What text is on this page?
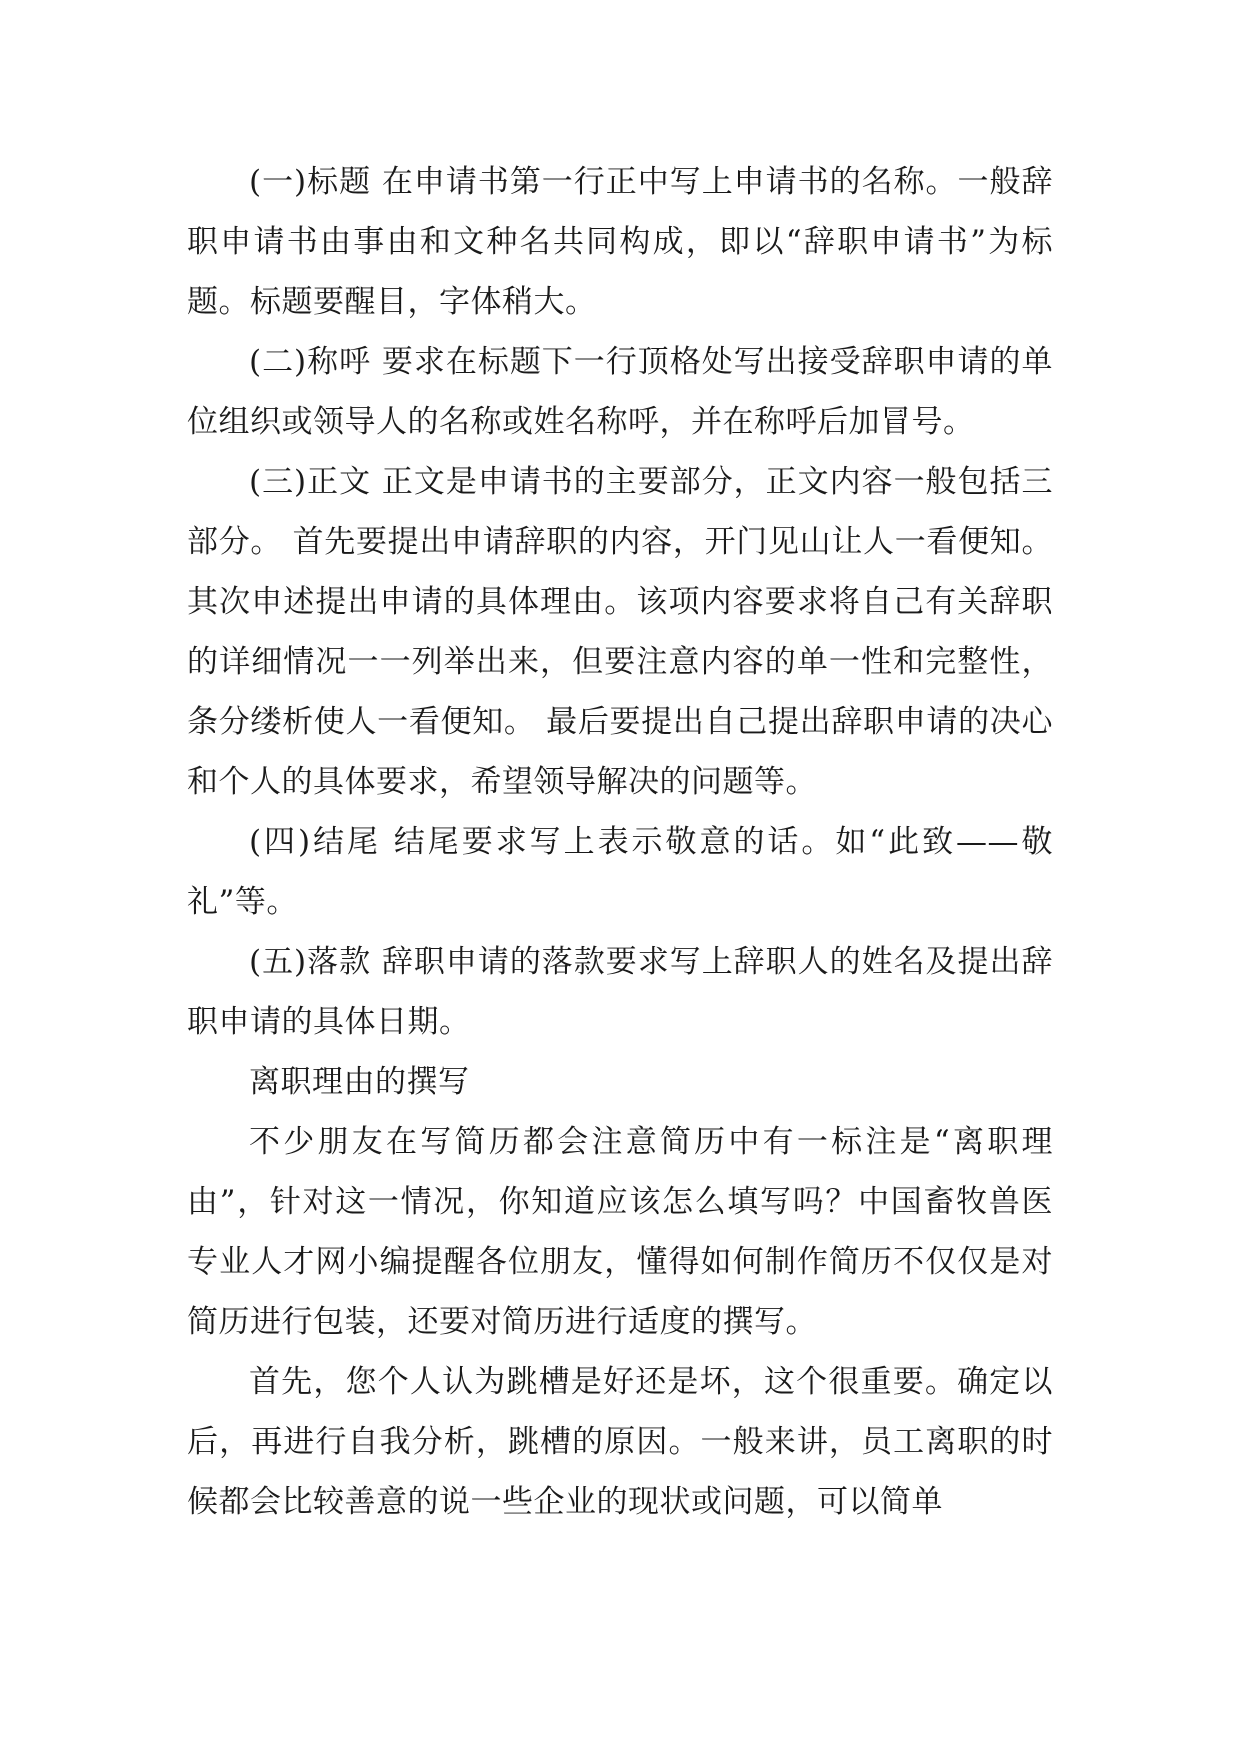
(一)标题 在申请书第一行正中写上申请书的名称。一般辞职申请书由事由和文种名共同构成，即以“辞职申请书”为标题。标题要醒目，字体稍大。

(二)称呼 要求在标题下一行顶格处写出接受辞职申请的单位组织或领导人的名称或姓名称呼，并在称呼后加冒号。

(三)正文 正文是申请书的主要部分，正文内容一般包括三部分。 首先要提出申请辞职的内容，开门见山让人一看便知。 其次申述提出申请的具体理由。该项内容要求将自己有关辞职的详细情况一一列举出来，但要注意内容的单一性和完整性，条分缕析使人一看便知。 最后要提出自己提出辞职申请的决心和个人的具体要求，希望领导解决的问题等。

(四)结尾 结尾要求写上表示敬意的话。如“此致——敬礼”等。

(五)落款 辞职申请的落款要求写上辞职人的姓名及提出辞职申请的具体日期。

离职理由的撰写

不少朋友在写简历都会注意简历中有一标注是“离职理由”，针对这一情况，你知道应该怎么填写吗？中国畜牧兽医专业人才网小编提醒各位朋友，懂得如何制作简历不仅仅是对简历进行包装，还要对简历进行适度的撰写。

首先，您个人认为跳槽是好还是坏，这个很重要。确定以后，再进行自我分析，跳槽的原因。一般来讲，员工离职的时候都会比较善意的说一些企业的现状或问题，可以简单
